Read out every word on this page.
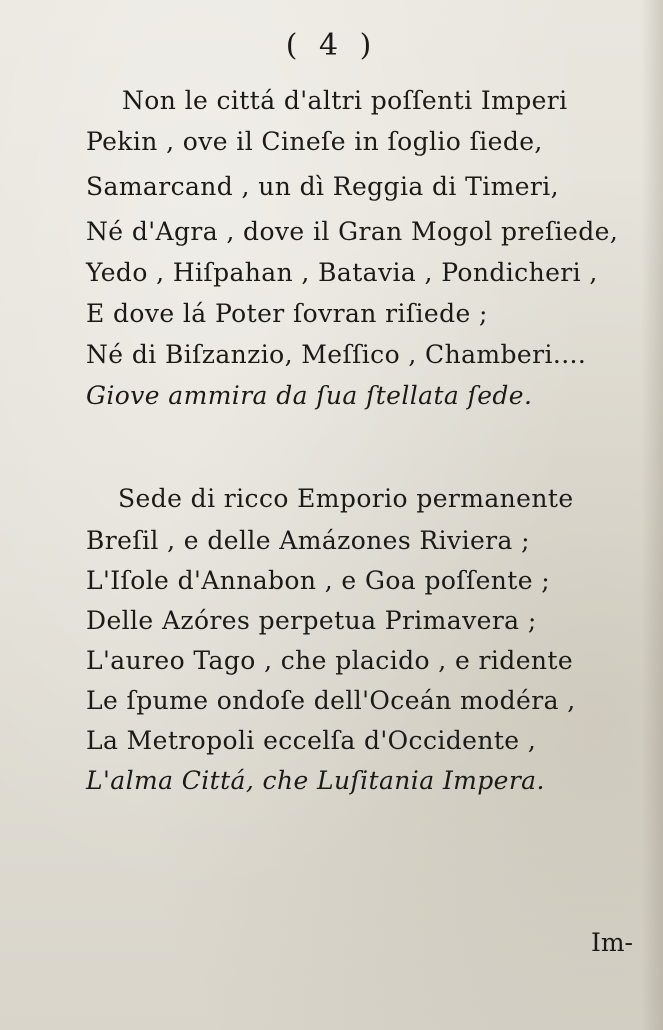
( 4 )
Non le cittá d'altri poſſenti Imperi
Pekin , ove il Cineſe in ſoglio ſiede,
Samarcand , un dì Reggia di Timeri,
Né d'Agra , dove il Gran Mogol preſiede,
Yedo , Hiſpahan , Batavia , Pondicheri ,
E dove lá Poter ſovran riſiede ;
Né di Biſzanzio, Meſſico , Chamberi....
Giove ammira da ſua ſtellata ſede.
Sede di ricco Emporio permanente
Breſil , e delle Amázones Riviera ;
L'Iſole d'Annabon , e Goa poſſente ;
Delle Azóres perpetua Primavera ;
L'aureo Tago , che placido , e ridente
Le ſpume ondoſe dell'Oceán modéra ,
La Metropoli eccelſa d'Occidente ,
L'alma Cittá, che Luſitania Impera.
Im-
